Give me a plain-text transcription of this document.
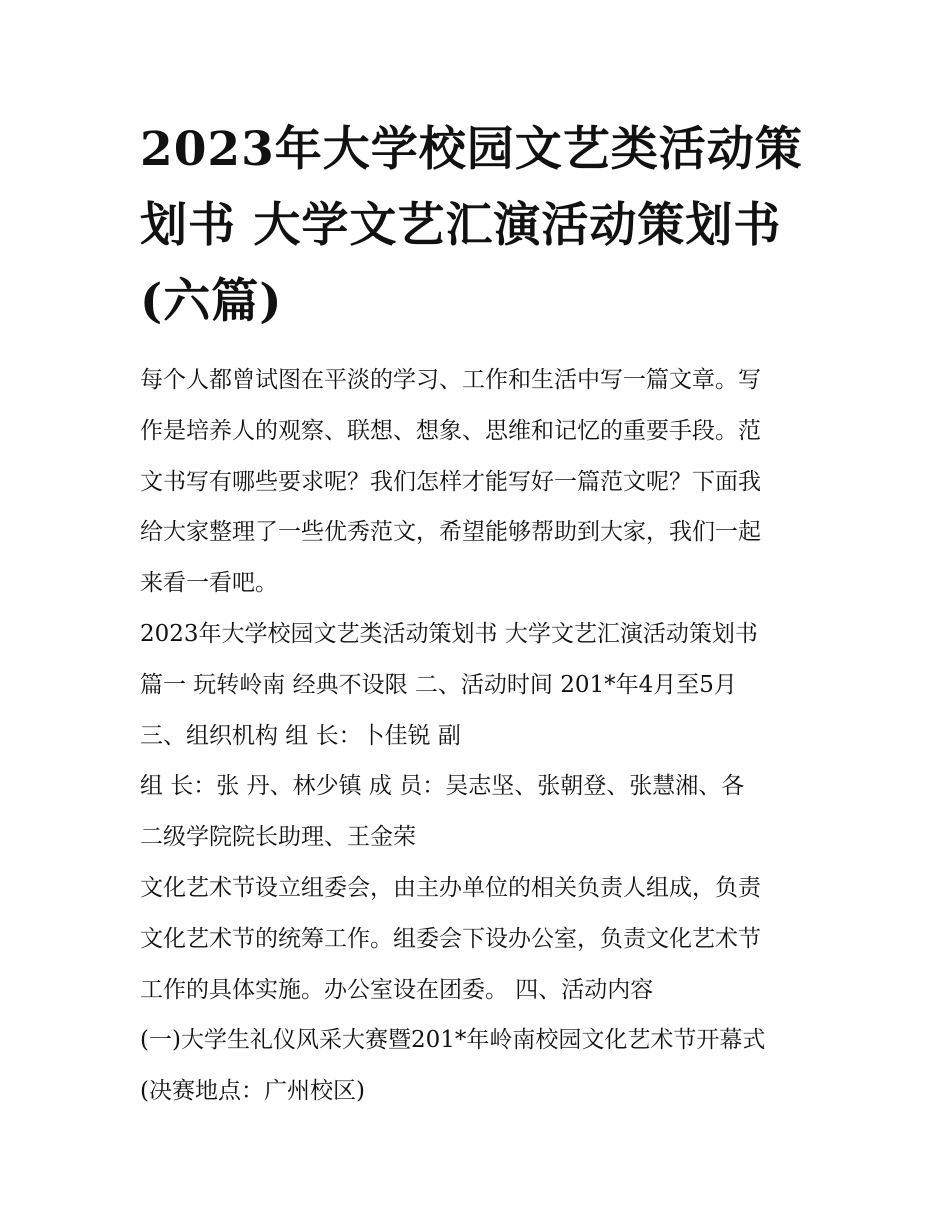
2023年大学校园文艺类活动策
划书 大学文艺汇演活动策划书
(六篇)
每个人都曾试图在平淡的学习、工作和生活中写一篇文章。写
作是培养人的观察、联想、想象、思维和记忆的重要手段。范
文书写有哪些要求呢？我们怎样才能写好一篇范文呢？下面我
给大家整理了一些优秀范文，希望能够帮助到大家，我们一起
来看一看吧。
2023年大学校园文艺类活动策划书 大学文艺汇演活动策划书
篇一 玩转岭南 经典不设限 二、活动时间 201*年4月至5月
三、组织机构 组 长：卜佳锐 副
组 长：张 丹、林少镇 成 员：吴志坚、张朝登、张慧湘、各
二级学院院长助理、王金荣
文化艺术节设立组委会，由主办单位的相关负责人组成，负责
文化艺术节的统筹工作。组委会下设办公室，负责文化艺术节
工作的具体实施。办公室设在团委。 四、活动内容
(一)大学生礼仪风采大赛暨201*年岭南校园文化艺术节开幕式
(决赛地点：广州校区)
